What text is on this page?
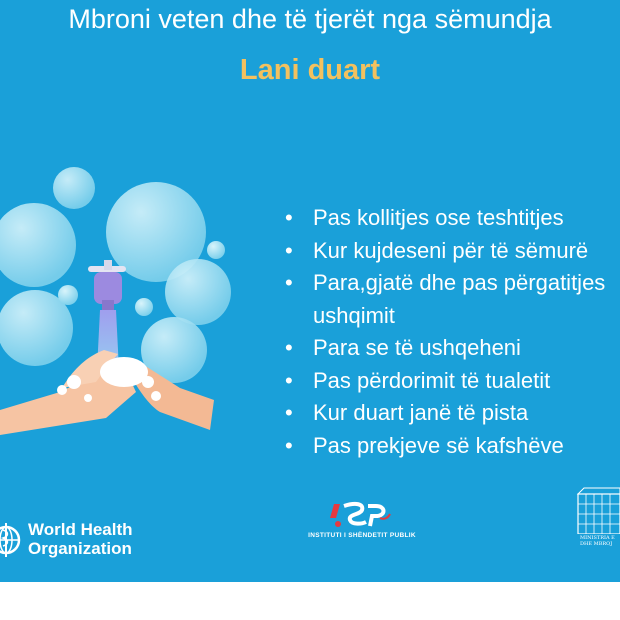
Mbroni veten dhe të tjerët nga sëmundja
Lani duart
• Pas kollitjes ose teshtitjes
• Kur kujdeseni për të sëmurë
• Para,gjatë dhe pas përgatitjes
ushqimit
• Para se të ushqeheni
• Pas përdorimit të tualetit
• Kur duart janë të pista
• Pas prekjeve së kafshëve
World Health
Organization
INSTITUTI I SHËNDETIT PUBLIK	MINISTRIA E
DHE MBROJ
